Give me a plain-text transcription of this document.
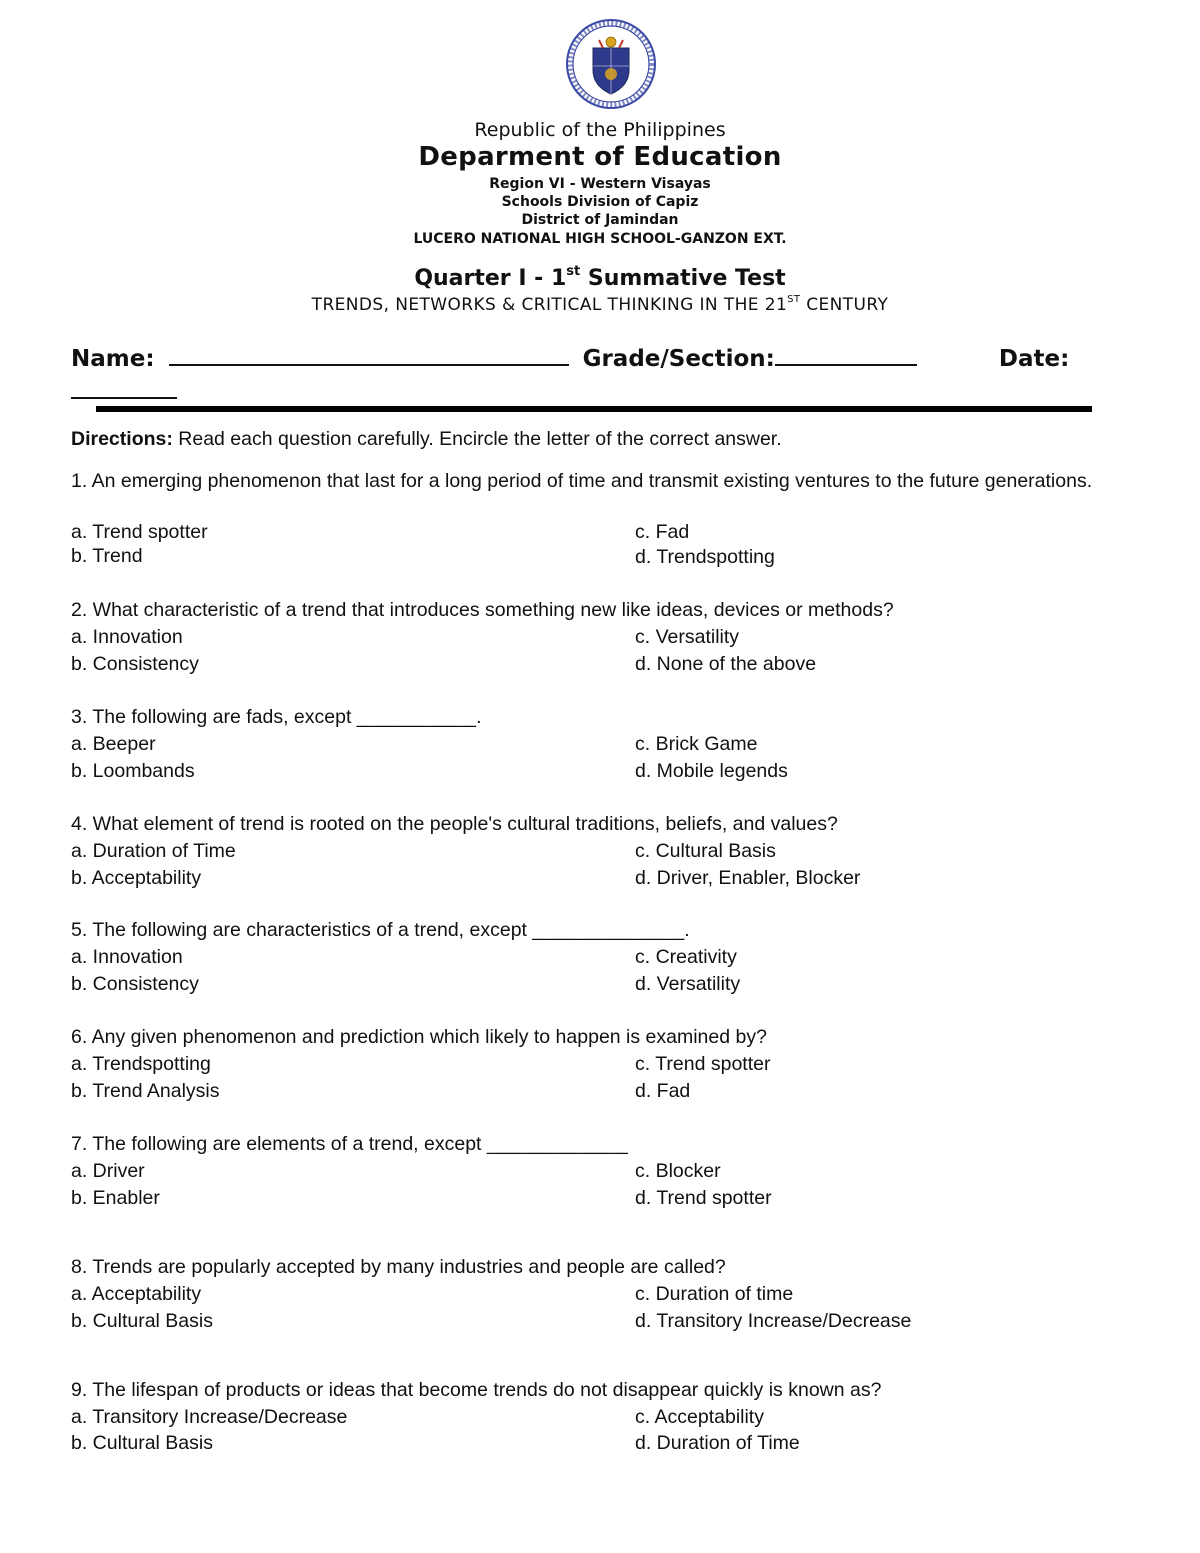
Republic of the Philippines
Deparment of Education
Region VI - Western Visayas
Schools Division of Capiz
District of Jamindan
LUCERO NATIONAL HIGH SCHOOL-GANZON EXT.
Quarter I - 1st Summative Test
TRENDS, NETWORKS & CRITICAL THINKING IN THE 21ST CENTURY
Name:	Grade/Section:	Date:
Directions: Read each question carefully. Encircle the letter of the correct answer.
1. An emerging phenomenon that last for a long period of time and transmit existing ventures to the future generations.
a. Trend spotter
b. Trend
c. Fad
d. Trendspotting
2. What characteristic of a trend that introduces something new like ideas, devices or methods?
a. Innovation
b. Consistency
c. Versatility
d. None of the above
3. The following are fads, except ___________.
a. Beeper
b. Loombands
c. Brick Game
d. Mobile legends
4. What element of trend is rooted on the people's cultural traditions, beliefs, and values?
a. Duration of Time
b. Acceptability
c. Cultural Basis
d. Driver, Enabler, Blocker
5. The following are characteristics of a trend, except ______________.
a. Innovation
b. Consistency
c. Creativity
d. Versatility
6. Any given phenomenon and prediction which likely to happen is examined by?
a. Trendspotting
b. Trend Analysis
c. Trend spotter
d. Fad
7. The following are elements of a trend, except _____________
a. Driver
b. Enabler
c. Blocker
d. Trend spotter
8. Trends are popularly accepted by many industries and people are called?
a. Acceptability
b. Cultural Basis
c. Duration of time
d. Transitory Increase/Decrease
9. The lifespan of products or ideas that become trends do not disappear quickly is known as?
a. Transitory Increase/Decrease
b. Cultural Basis
c. Acceptability
d. Duration of Time
